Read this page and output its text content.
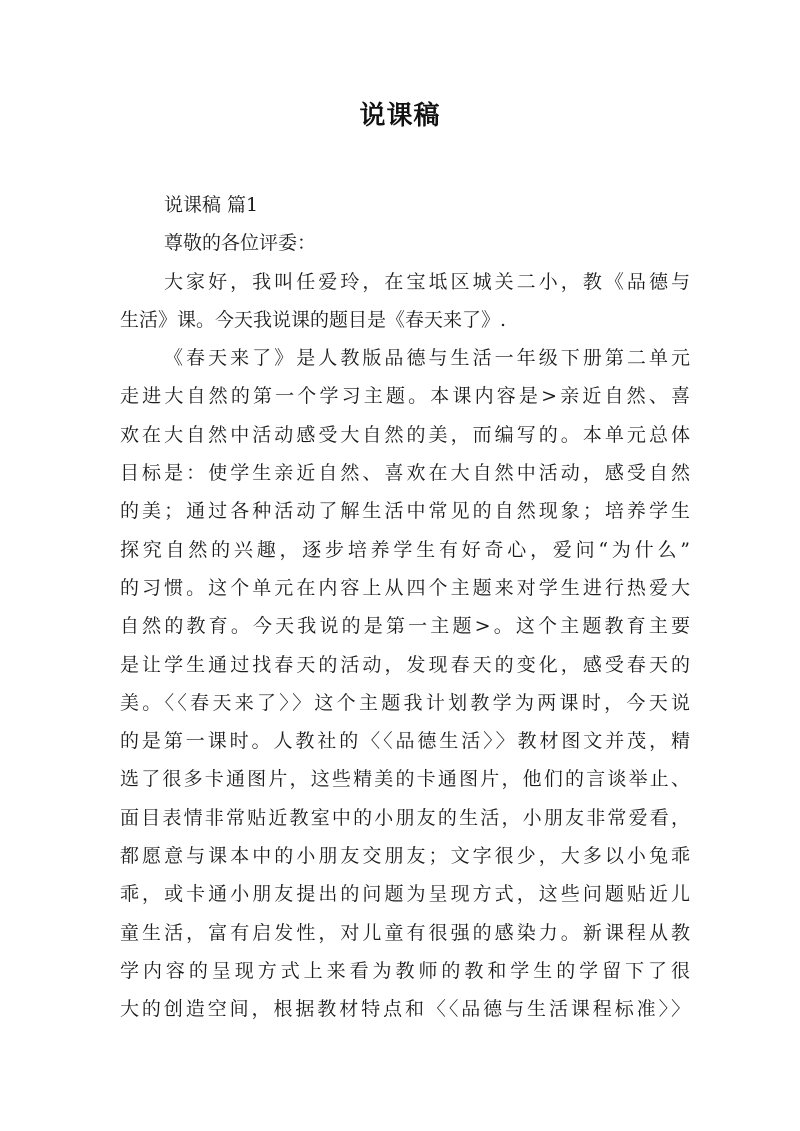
说课稿
说课稿 篇1
尊敬的各位评委：
大家好，我叫任爱玲，在宝坻区城关二小，教《品德与
生活》课。今天我说课的题目是《春天来了》.
《春天来了》是人教版品德与生活一年级下册第二单元
走进大自然的第一个学习主题。本课内容是>亲近自然、喜
欢在大自然中活动感受大自然的美，而编写的。本单元总体
目标是：使学生亲近自然、喜欢在大自然中活动，感受自然
的美；通过各种活动了解生活中常见的自然现象；培养学生
探究自然的兴趣，逐步培养学生有好奇心，爱问“为什么”
的习惯。这个单元在内容上从四个主题来对学生进行热爱大
自然的教育。今天我说的是第一主题>。这个主题教育主要
是让学生通过找春天的活动，发现春天的变化，感受春天的
美。〈〈春天来了〉〉这个主题我计划教学为两课时，今天说
的是第一课时。人教社的〈〈品德生活〉〉教材图文并茂，精
选了很多卡通图片，这些精美的卡通图片，他们的言谈举止、
面目表情非常贴近教室中的小朋友的生活，小朋友非常爱看，
都愿意与课本中的小朋友交朋友；文字很少，大多以小兔乖
乖，或卡通小朋友提出的问题为呈现方式，这些问题贴近儿
童生活，富有启发性，对儿童有很强的感染力。新课程从教
学内容的呈现方式上来看为教师的教和学生的学留下了很
大的创造空间，根据教材特点和〈〈品德与生活课程标准〉〉
